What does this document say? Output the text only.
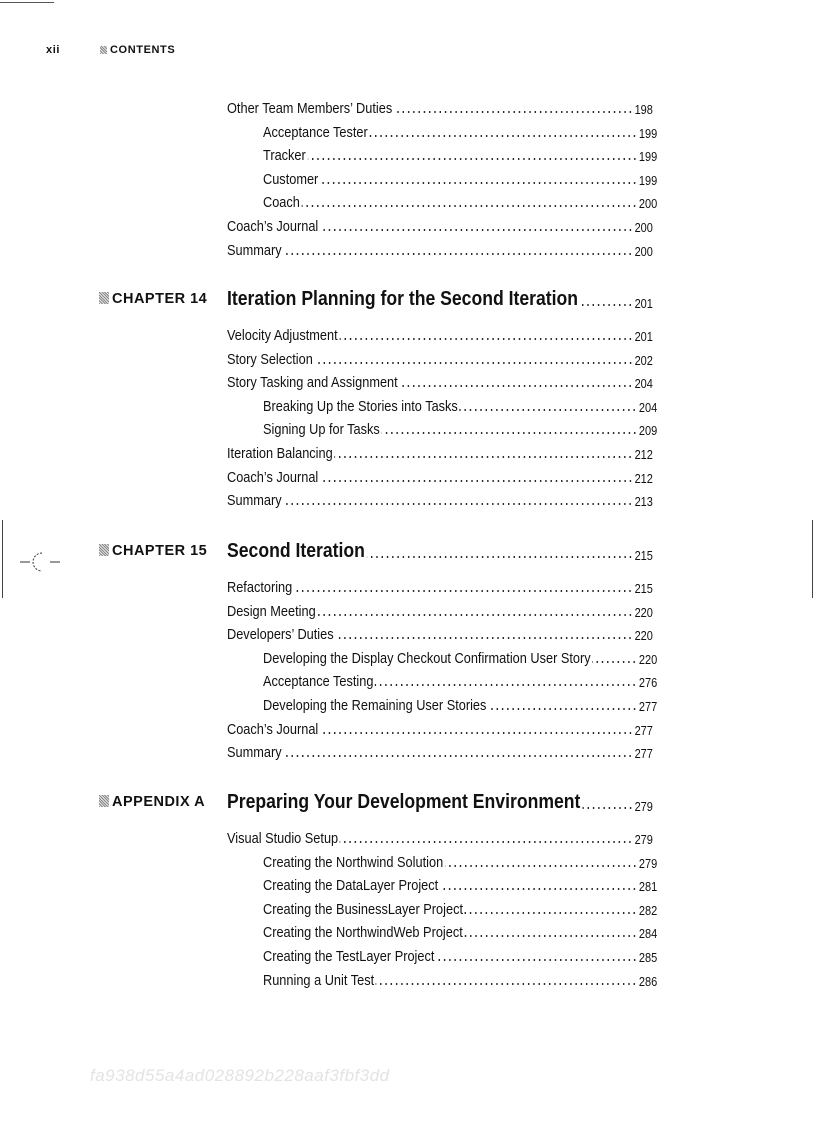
xii	CONTENTS
Other Team Members’ Duties	198
Acceptance Tester	199
Tracker	199
Customer	199
Coach	200
Coach’s Journal	200
Summary	200
CHAPTER 14 Iteration Planning for the Second Iteration	201
Velocity Adjustment	201
Story Selection	202
Story Tasking and Assignment	204
Breaking Up the Stories into Tasks	204
Signing Up for Tasks	209
Iteration Balancing	212
Coach’s Journal	212
Summary	213
CHAPTER 15 Second Iteration	215
Refactoring	215
Design Meeting	220
Developers’ Duties	220
Developing the Display Checkout Confirmation User Story	220
Acceptance Testing	276
Developing the Remaining User Stories	277
Coach’s Journal	277
Summary	277
APPENDIX A Preparing Your Development Environment	279
Visual Studio Setup	279
Creating the Northwind Solution	279
Creating the DataLayer Project	281
Creating the BusinessLayer Project	282
Creating the NorthwindWeb Project	284
Creating the TestLayer Project	285
Running a Unit Test	286
fa938d55a4ad028892b228aaf3fbf3dd
